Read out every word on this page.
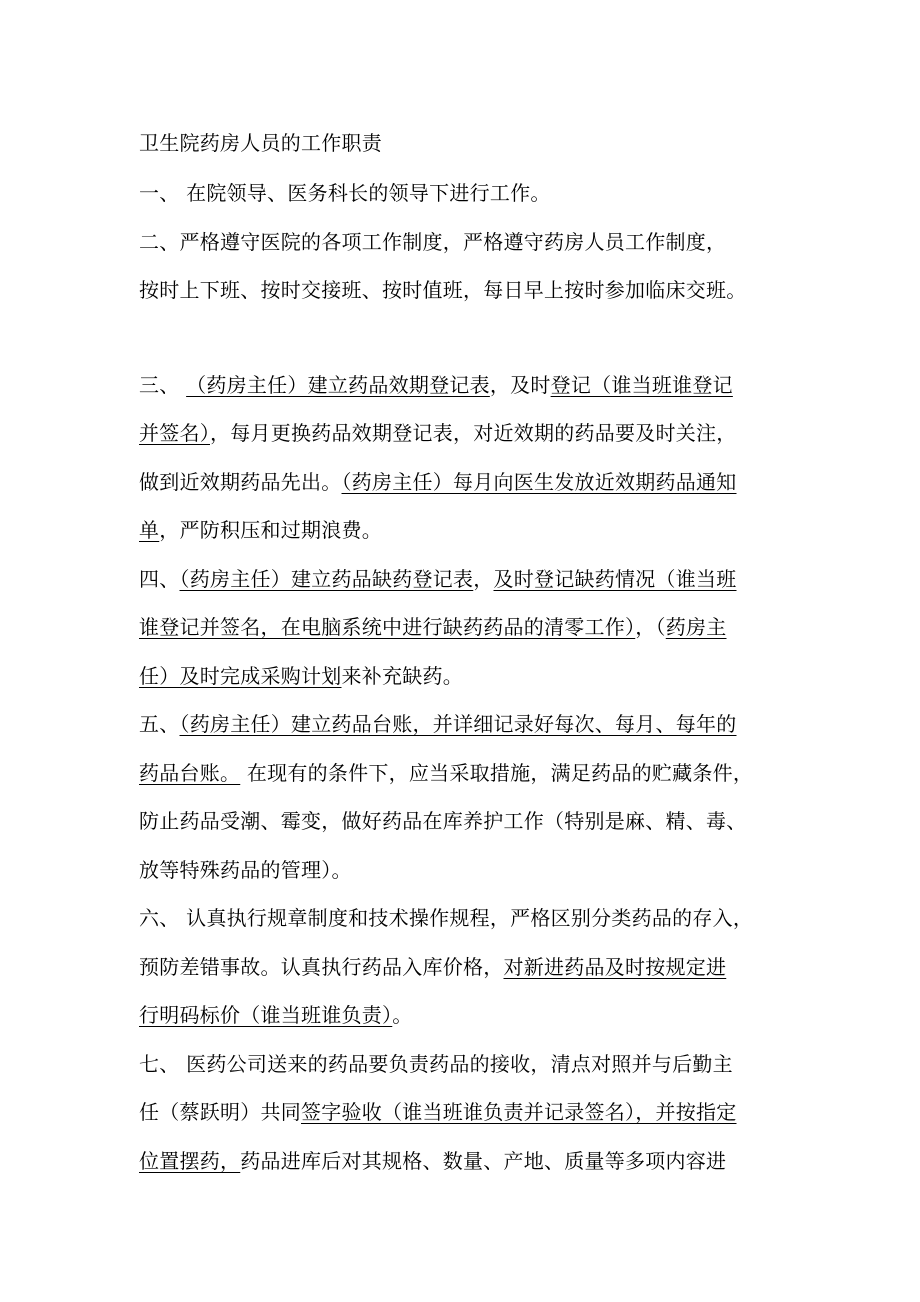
卫生院药房人员的工作职责
一、 在院领导、医务科长的领导下进行工作。
二、严格遵守医院的各项工作制度，严格遵守药房人员工作制度，
按时上下班、按时交接班、按时值班，每日早上按时参加临床交班。
三、 （药房主任）建立药品效期登记表，及时登记（谁当班谁登记
并签名），每月更换药品效期登记表，对近效期的药品要及时关注，
做到近效期药品先出。（药房主任）每月向医生发放近效期药品通知
单，严防积压和过期浪费。
四、（药房主任）建立药品缺药登记表，及时登记缺药情况（谁当班
谁登记并签名，在电脑系统中进行缺药药品的清零工作），（药房主
任）及时完成采购计划来补充缺药。
五、（药房主任）建立药品台账，并详细记录好每次、每月、每年的
药品台账。 在现有的条件下，应当采取措施，满足药品的贮藏条件，
防止药品受潮、霉变，做好药品在库养护工作（特别是麻、精、毒、
放等特殊药品的管理）。
六、 认真执行规章制度和技术操作规程，严格区别分类药品的存入，
预防差错事故。认真执行药品入库价格，对新进药品及时按规定进
行明码标价（谁当班谁负责）。
七、 医药公司送来的药品要负责药品的接收，清点对照并与后勤主
任（蔡跃明）共同签字验收（谁当班谁负责并记录签名），并按指定
位置摆药，药品进库后对其规格、数量、产地、质量等多项内容进
